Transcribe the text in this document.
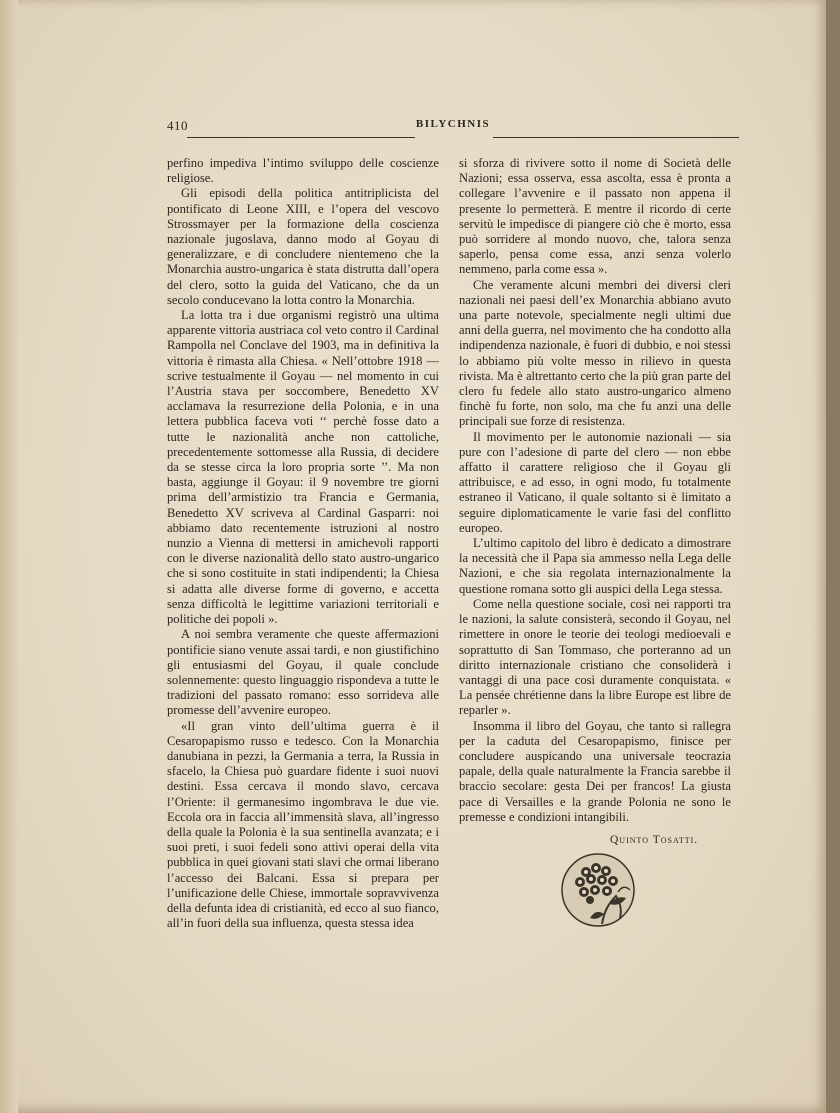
410	BILYCHNIS

perfino impediva l’intimo sviluppo delle coscienze religiose.

Gli episodi della politica antitriplicista del pontificato di Leone XIII, e l’opera del vescovo Strossmayer per la formazione della coscienza nazionale jugoslava, danno modo al Goyau di generalizzare, e di concludere nientemeno che la Monarchia austro-ungarica è stata distrutta dall’opera del clero, sotto la guida del Vaticano, che da un secolo conducevano la lotta contro la Monarchia.

La lotta tra i due organismi registrò una ultima apparente vittoria austriaca col veto contro il Cardinal Rampolla nel Conclave del 1903, ma in definitiva la vittoria è rimasta alla Chiesa. « Nell’ottobre 1918 — scrive testualmente il Goyau — nel momento in cui l’Austria stava per soccombere, Benedetto XV acclamava la resurrezione della Polonia, e in una lettera pubblica faceva voti ‘‘ perchè fosse dato a tutte le nazionalità anche non cattoliche, precedentemente sottomesse alla Russia, di decidere da se stesse circa la loro propria sorte ’’. Ma non basta, aggiunge il Goyau: il 9 novembre tre giorni prima dell’armistizio tra Francia e Germania, Benedetto XV scriveva al Cardinal Gasparri: noi abbiamo dato recentemente istruzioni al nostro nunzio a Vienna di mettersi in amichevoli rapporti con le diverse nazionalità dello stato austro-ungarico che si sono costituite in stati indipendenti; la Chiesa si adatta alle diverse forme di governo, e accetta senza difficoltà le legittime variazioni territoriali e politiche dei popoli ».

A noi sembra veramente che queste affermazioni pontificie siano venute assai tardi, e non giustifichino gli entusiasmi del Goyau, il quale conclude solennemente: questo linguaggio rispondeva a tutte le tradizioni del passato romano: esso sorrideva alle promesse dell’avvenire europeo.

«Il gran vinto dell’ultima guerra è il Cesaropapismo russo e tedesco. Con la Monarchia danubiana in pezzi, la Germania a terra, la Russia in sfacelo, la Chiesa può guardare fidente i suoi nuovi destini. Essa cercava il mondo slavo, cercava l’Oriente: il germanesimo ingombrava le due vie. Eccola ora in faccia all’immensità slava, all’ingresso della quale la Polonia è la sua sentinella avanzata; e i suoi preti, i suoi fedeli sono attivi operai della vita pubblica in quei giovani stati slavi che ormai liberano l’accesso dei Balcani. Essa si prepara per l’unificazione delle Chiese, immortale sopravvivenza della defunta idea di cristianità, ed ecco al suo fianco, all’in fuori della sua influenza, questa stessa idea

si sforza di rivivere sotto il nome di Società delle Nazioni; essa osserva, essa ascolta, essa è pronta a collegare l’avvenire e il passato non appena il presente lo permetterà. E mentre il ricordo di certe servitù le impedisce di piangere ciò che è morto, essa può sorridere al mondo nuovo, che, talora senza saperlo, pensa come essa, anzi senza volerlo nemmeno, parla come essa ».

Che veramente alcuni membri dei diversi cleri nazionali nei paesi dell’ex Monarchia abbiano avuto una parte notevole, specialmente negli ultimi due anni della guerra, nel movimento che ha condotto alla indipendenza nazionale, è fuori di dubbio, e noi stessi lo abbiamo più volte messo in rilievo in questa rivista. Ma è altrettanto certo che la più gran parte del clero fu fedele allo stato austro-ungarico almeno finchè fu forte, non solo, ma che fu anzi una delle principali sue forze di resistenza.

Il movimento per le autonomie nazionali — sia pure con l’adesione di parte del clero — non ebbe affatto il carattere religioso che il Goyau gli attribuisce, e ad esso, in ogni modo, fu totalmente estraneo il Vaticano, il quale soltanto si è limitato a seguire diplomaticamente le varie fasi del conflitto europeo.

L’ultimo capitolo del libro è dedicato a dimostrare la necessità che il Papa sia ammesso nella Lega delle Nazioni, e che sia regolata internazionalmente la questione romana sotto gli auspici della Lega stessa.

Come nella questione sociale, così nei rapporti tra le nazioni, la salute consisterà, secondo il Goyau, nel rimettere in onore le teorie dei teologi medioevali e soprattutto di San Tommaso, che porteranno ad un diritto internazionale cristiano che consoliderà i vantaggi di una pace così duramente conquistata. « La pensée chrétienne dans la libre Europe est libre de reparler ».

Insomma il libro del Goyau, che tanto si rallegra per la caduta del Cesaropapismo, finisce per concludere auspicando una universale teocrazia papale, della quale naturalmente la Francia sarebbe il braccio secolare: gesta Dei per francos! La giusta pace di Versailles e la grande Polonia ne sono le premesse e condizioni intangibili.

Quinto Tosatti.
